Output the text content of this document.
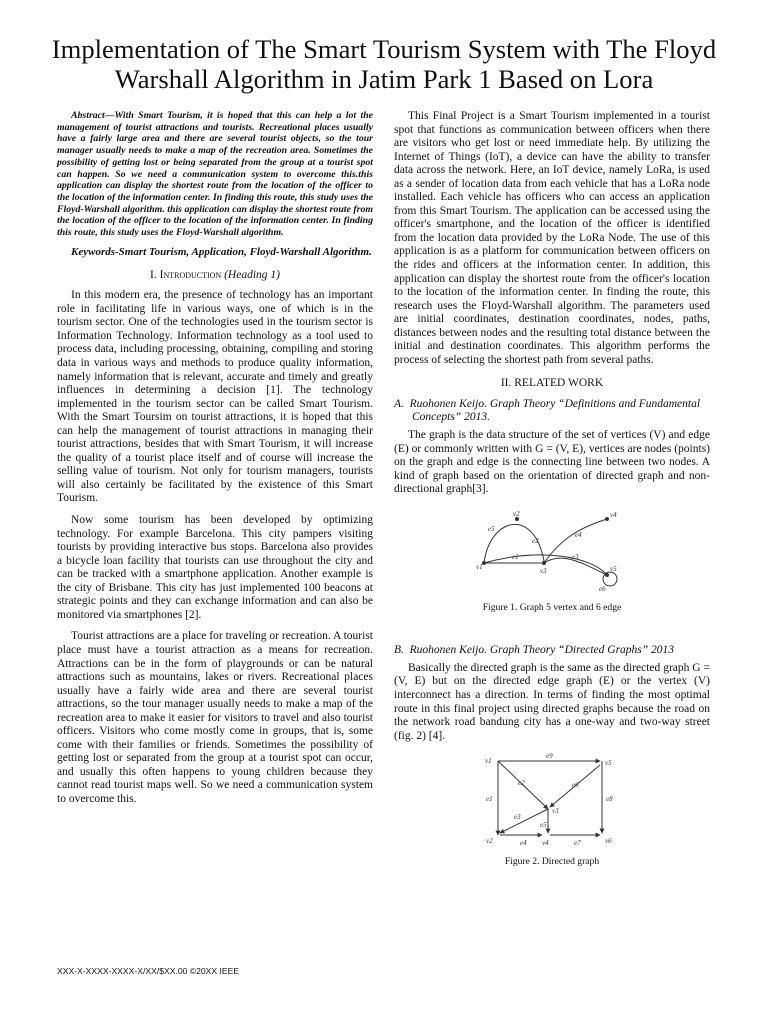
Implementation of The Smart Tourism System with The Floyd Warshall Algorithm in Jatim Park 1 Based on Lora

Abstract—With Smart Tourism, it is hoped that this can help a lot the management of tourist attractions and tourists. Recreational places usually have a fairly large area and there are several tourist objects, so the tour manager usually needs to make a map of the recreation area. Sometimes the possibility of getting lost or being separated from the group at a tourist spot can happen. So we need a communication system to overcome this.this application can display the shortest route from the location of the officer to the location of the information center. In finding this route, this study uses the Floyd-Warshall algorithm. this application can display the shortest route from the location of the officer to the location of the information center. In finding this route, this study uses the Floyd-Warshall algorithm.

Keywords-Smart Tourism, Application, Floyd-Warshall Algorithm.

I. Introduction (Heading 1)

In this modern era, the presence of technology has an important role in facilitating life in various ways, one of which is in the tourism sector. One of the technologies used in the tourism sector is Information Technology. Information technology as a tool used to process data, including processing, obtaining, compiling and storing data in various ways and methods to produce quality information, namely information that is relevant, accurate and timely and greatly influences in determining a decision [1]. The technology implemented in the tourism sector can be called Smart Tourism. With the Smart Toursim on tourist attractions, it is hoped that this can help the management of tourist attractions in managing their tourist attractions, besides that with Smart Tourism, it will increase the quality of a tourist place itself and of course will increase the selling value of tourism. Not only for tourism managers, tourists will also certainly be facilitated by the existence of this Smart Tourism.

Now some tourism has been developed by optimizing technology. For example Barcelona. This city pampers visiting tourists by providing interactive bus stops. Barcelona also provides a bicycle loan facility that tourists can use throughout the city and can be tracked with a smartphone application. Another example is the city of Brisbane. This city has just implemented 100 beacons at strategic points and they can exchange information and can also be monitored via smartphones [2].

Tourist attractions are a place for traveling or recreation. A tourist place must have a tourist attraction as a means for recreation. Attractions can be in the form of playgrounds or can be natural attractions such as mountains, lakes or rivers. Recreational places usually have a fairly wide area and there are several tourist attractions, so the tour manager usually needs to make a map of the recreation area to make it easier for visitors to travel and also tourist officers. Visitors who come mostly come in groups, that is, some come with their families or friends. Sometimes the possibility of getting lost or separated from the group at a tourist spot can occur, and usually this often happens to young children because they cannot read tourist maps well. So we need a communication system to overcome this.

This Final Project is a Smart Tourism implemented in a tourist spot that functions as communication between officers when there are visitors who get lost or need immediate help. By utilizing the Internet of Things (IoT), a device can have the ability to transfer data across the network. Here, an IoT device, namely LoRa, is used as a sender of location data from each vehicle that has a LoRa node installed. Each vehicle has officers who can access an application from this Smart Tourism. The application can be accessed using the officer's smartphone, and the location of the officer is identified from the location data provided by the LoRa Node. The use of this application is as a platform for communication between officers on the rides and officers at the information center. In addition, this application can display the shortest route from the officer's location to the location of the information center. In finding the route, this research uses the Floyd-Warshall algorithm. The parameters used are initial coordinates, destination coordinates, nodes, paths, distances between nodes and the resulting total distance between the initial and destination coordinates. This algorithm performs the process of selecting the shortest path from several paths.

II. RELATED WORK

A. Ruohonen Keijo. Graph Theory “Definitions and Fundamental Concepts” 2013.

The graph is the data structure of the set of vertices (V) and edge (E) or commonly written with G = (V, E), vertices are nodes (points) on the graph and edge is the connecting line between two nodes. A kind of graph based on the orientation of directed graph and non-directional graph[3].

v1
v2
v3
v4
v5
e1
e2
e3
e4
e5
e6

Figure 1. Graph 5 vertex and 6 edge

B. Ruohonen Keijo. Graph Theory “Directed Graphs” 2013

Basically the directed graph is the same as the directed graph G = (V, E) but on the directed edge graph (E) or the vertex (V) interconnect has a direction. In terms of finding the most optimal route in this final project using directed graphs because the road on the network road bandung city has a one-way and two-way street (fig. 2) [4].

v1
v2
v3
v4
v5
v6
e1
e2
e3
e4
e5
e6
e7
e8
e9

Figure 2. Directed graph

XXX-X-XXXX-XXXX-X/XX/$XX.00 ©20XX IEEE
